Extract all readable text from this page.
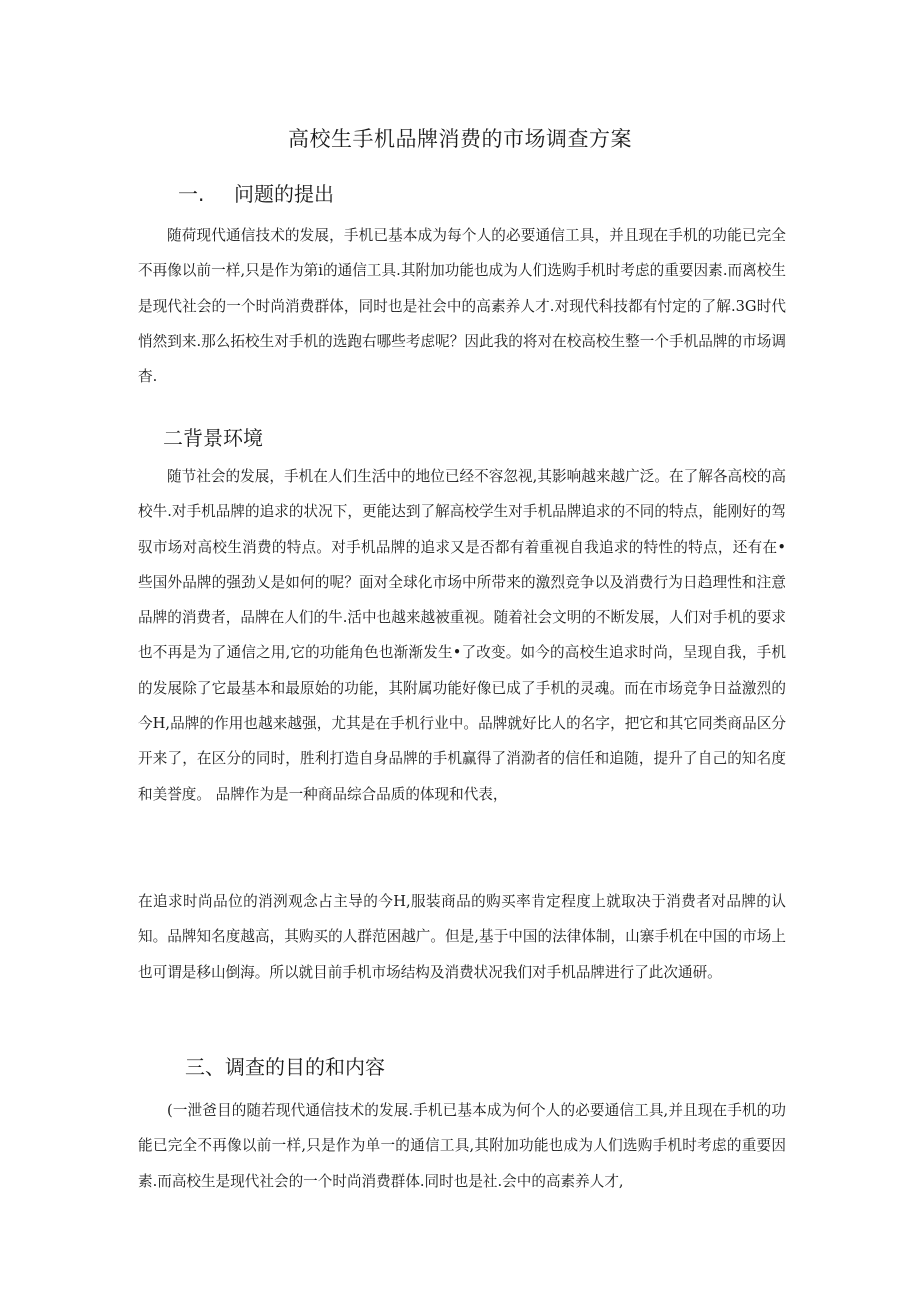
高校生手机品牌消费的市场调查方案
一. 问题的提出

随荷现代通信技术的发展，手机已基本成为每个人的必要通信工具，并且现在手机的功能已完全不再像以前一样,只是作为第i的通信工具.其附加功能也成为人们选购手机时考虑的重要因素.而离校生是现代社会的一个时尚消费群体，同时也是社会中的高素养人才.对现代科技都有忖定的了解.3G时代悄然到来.那么拓校生对手机的选跑右哪些考虑呢？因此我的将对在校高校生整一个手机品牌的市场调杳.

二背景环境

随节社会的发展，手机在人们生活中的地位已经不容忽视,其影响越来越广泛。在了解各高校的高校牛.对手机品牌的追求的状况下，更能达到了解高校学生对手机品牌追求的不同的特点，能刚好的驾驭市场对高校生消费的特点。对手机品牌的追求又是否都有着重视自我追求的特性的特点，还有在•些国外品牌的强劲乂是如何的呢？面对全球化市场中所带来的激烈竞争以及消费行为日趋理性和注意品牌的消费者，品牌在人们的牛.活中也越来越被重视。随着社会文明的不断发展，人们对手机的要求也不再是为了通信之用,它的功能角色也渐渐发生•了改变。如今的高校生追求时尚，呈现自我，手机的发展除了它最基本和最原始的功能，其附属功能好像已成了手机的灵魂。而在市场竞争日益激烈的今H,品牌的作用也越来越强，尤其是在手机行业中。品牌就好比人的名字，把它和其它同类商品区分开来了，在区分的同时，胜利打造自身品牌的手机赢得了消泐者的信任和追随，提升了自己的知名度和美誉度。 品牌作为是一种商品综合品质的体现和代表，

在追求时尚品位的消洌观念占主导的今H,服装商品的购买率肯定程度上就取决于消费者对品牌的认知。品牌知名度越高，其购买的人群范困越广。但是,基于中国的法律体制，山寨手机在中国的市场上也可谓是移山倒海。所以就目前手机市场结构及消费状况我们对手机品牌进行了此次通研。

三、调查的目的和内容

(一泄爸目的随若现代通信技术的发展.手机已基本成为何个人的必要通信工具,并且现在手机的功能已完全不再像以前一样,只是作为单一的通信工具,其附加功能也成为人们选购手机时考虑的重要因素.而高校生是现代社会的一个时尚消费群体.同时也是社.会中的高素养人才,
